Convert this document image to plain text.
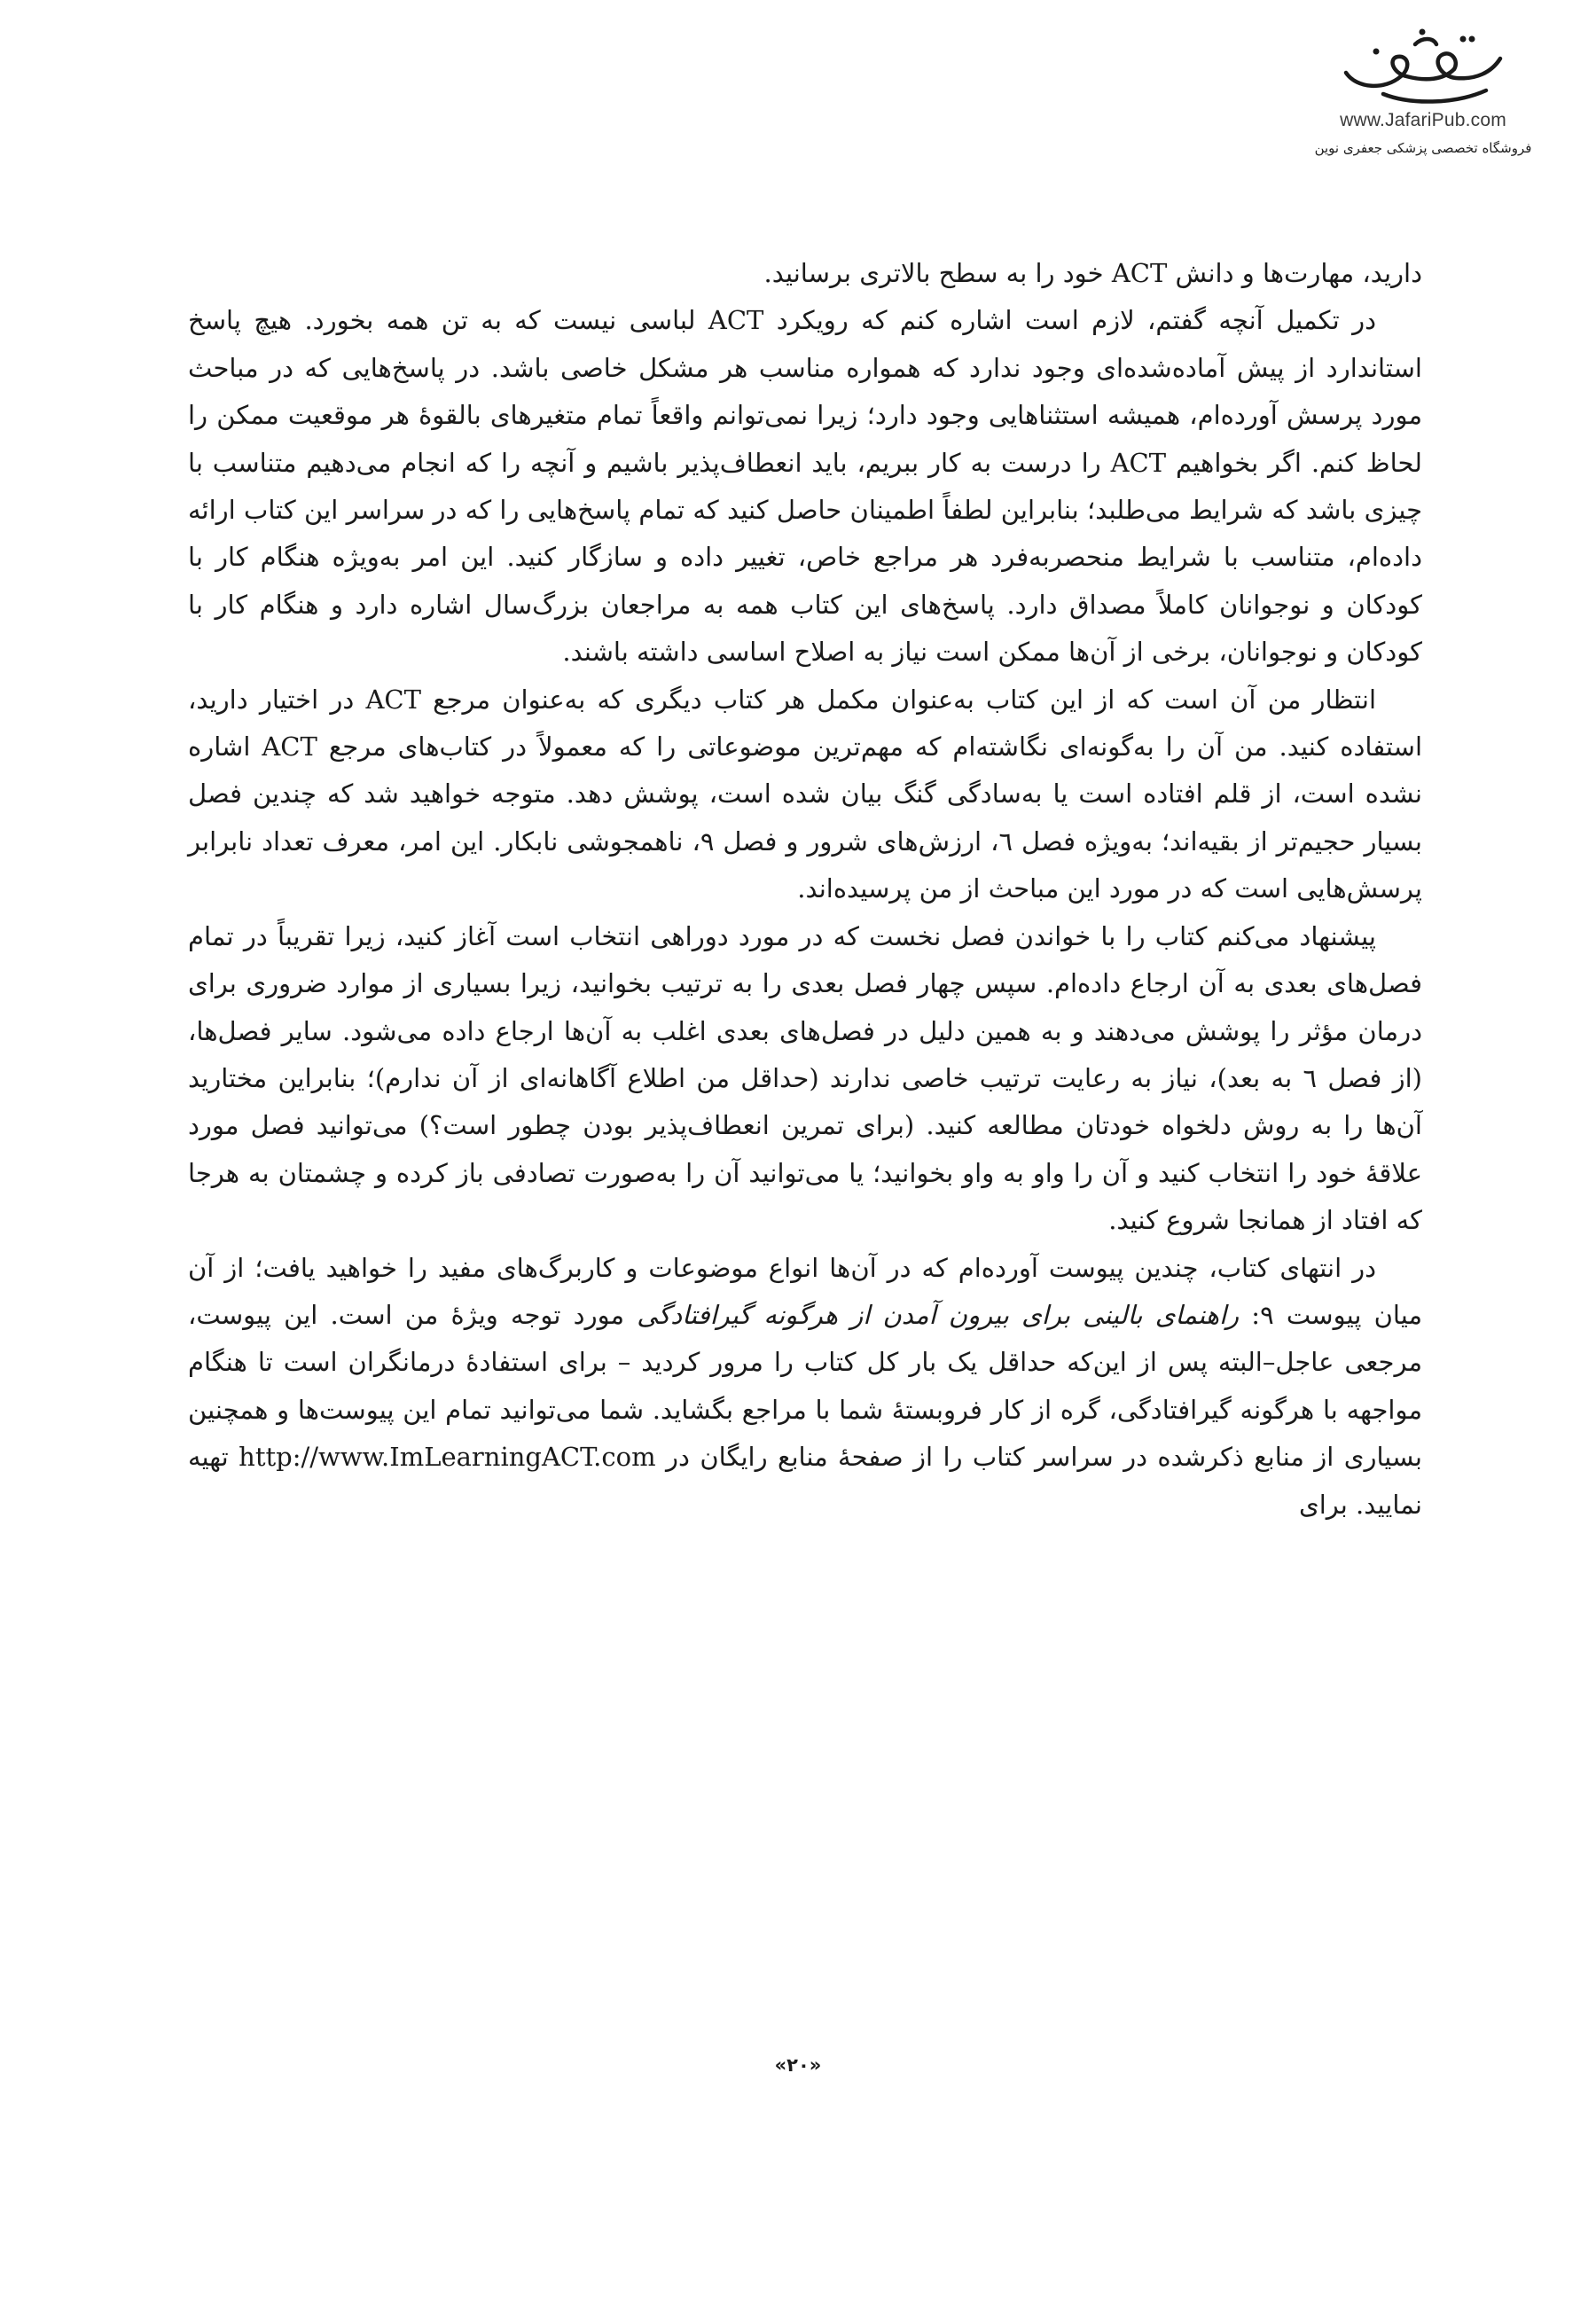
www.JafariPub.com
فروشگاه تخصصی پزشکی جعفری نوین

دارید، مهارت‌ها و دانش ACT خود را به سطح بالاتری برسانید.

در تکمیل آنچه گفتم، لازم است اشاره کنم که رویکرد ACT لباسی نیست که به تن همه بخورد. هیچ پاسخ استاندارد از پیش آماده‌شده‌ای وجود ندارد که همواره مناسب هر مشکل خاصی باشد. در پاسخ‌هایی که در مباحث مورد پرسش آورده‌ام، همیشه استثناهایی وجود دارد؛ زیرا نمی‌توانم واقعاً تمام متغیرهای بالقوۀ هر موقعیت ممکن را لحاظ کنم. اگر بخواهیم ACT را درست به کار ببریم، باید انعطاف‌پذیر باشیم و آنچه را که انجام می‌دهیم متناسب با چیزی باشد که شرایط می‌طلبد؛ بنابراین لطفاً اطمینان حاصل کنید که تمام پاسخ‌هایی را که در سراسر این کتاب ارائه داده‌ام، متناسب با شرایط منحصربه‌فرد هر مراجع خاص، تغییر داده و سازگار کنید. این امر به‌ویژه هنگام کار با کودکان و نوجوانان کاملاً مصداق دارد. پاسخ‌های این کتاب همه به مراجعان بزرگ‌سال اشاره دارد و هنگام کار با کودکان و نوجوانان، برخی از آن‌ها ممکن است نیاز به اصلاح اساسی داشته باشند.

انتظار من آن است که از این کتاب به‌عنوان مکمل هر کتاب دیگری که به‌عنوان مرجع ACT در اختیار دارید، استفاده کنید. من آن را به‌گونه‌ای نگاشته‌ام که مهم‌ترین موضوعاتی را که معمولاً در کتاب‌های مرجع ACT اشاره نشده است، از قلم افتاده است یا به‌سادگی گنگ بیان شده است، پوشش دهد. متوجه خواهید شد که چندین فصل بسیار حجیم‌تر از بقیه‌اند؛ به‌ویژه فصل ٦، ارزش‌های شرور و فصل ٩، ناهمجوشی نابکار. این امر، معرف تعداد نابرابر پرسش‌هایی است که در مورد این مباحث از من پرسیده‌اند.

پیشنهاد می‌کنم کتاب را با خواندن فصل نخست که در مورد دوراهی انتخاب است آغاز کنید، زیرا تقریباً در تمام فصل‌های بعدی به آن ارجاع داده‌ام. سپس چهار فصل بعدی را به ترتیب بخوانید، زیرا بسیاری از موارد ضروری برای درمان مؤثر را پوشش می‌دهند و به همین دلیل در فصل‌های بعدی اغلب به آن‌ها ارجاع داده می‌شود. سایر فصل‌ها، (از فصل ٦ به بعد)، نیاز به رعایت ترتیب خاصی ندارند (حداقل من اطلاع آگاهانه‌ای از آن ندارم)؛ بنابراین مختارید آن‌ها را به روش دلخواه خودتان مطالعه کنید. (برای تمرین انعطاف‌پذیر بودن چطور است؟) می‌توانید فصل مورد علاقۀ خود را انتخاب کنید و آن را واو به واو بخوانید؛ یا می‌توانید آن را به‌صورت تصادفی باز کرده و چشمتان به هرجا که افتاد از همانجا شروع کنید.

در انتهای کتاب، چندین پیوست آورده‌ام که در آن‌ها انواع موضوعات و کاربرگ‌های مفید را خواهید یافت؛ از آن میان پیوست ٩: راهنمای بالینی برای بیرون آمدن از هرگونه گیرافتادگی مورد توجه ویژۀ من است. این پیوست، مرجعی عاجل–البته پس از این‌که حداقل یک بار کل کتاب را مرور کردید – برای استفادۀ درمانگران است تا هنگام مواجهه با هرگونه گیرافتادگی، گره از کار فروبستۀ شما با مراجع بگشاید. شما می‌توانید تمام این پیوست‌ها و همچنین بسیاری از منابع ذکرشده در سراسر کتاب را از صفحۀ منابع رایگان در http://www.ImLearningACT.com تهیه نمایید. برای

«۲۰»
